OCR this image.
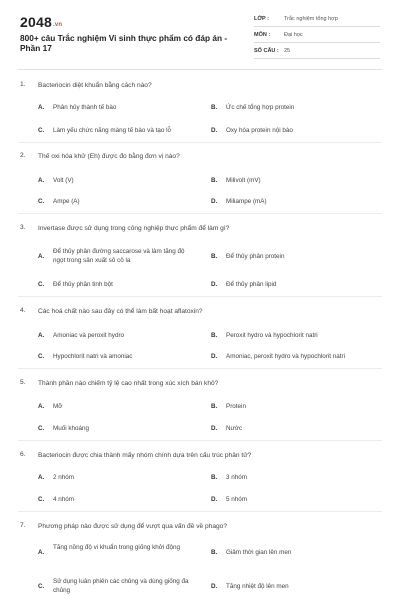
2048.vn
800+ câu Trắc nghiệm Vi sinh thực phẩm có đáp án - Phần 17
LỚP :	Trắc nghiệm tổng hợp
MÔN :	Đại học
SỐ CÂU : 25
1. Bacteriocin diệt khuẩn bằng cách nào?
A. Phân hủy thành tế bào	B. Ức chế tổng hợp protein
C. Làm yếu chức năng màng tế bào và tạo lỗ	D. Oxy hóa protein nội bào
2. Thế oxi hóa khử (Eh) được đo bằng đơn vị nào?
A. Volt (V)	B. Milivolt (mV)
C. Ampe (A)	D. Miliampe (mA)
3. Invertase được sử dụng trong công nghiệp thực phẩm để làm gì?
A.
Để thủy phân đường saccarose và làm tăng độ ngọt trong sản xuất sô cô la
B. Để thủy phân protein
C. Để thủy phân tinh bột	D. Để thủy phân lipid
4. Các hoá chất nào sau đây có thể làm bất hoạt aflatoxin?
A. Amoniac và peroxit hydro	B. Peroxit hydro và hypochlorit natri
C. Hypochlorit natri và amoniac	D. Amoniac, peroxit hydro và hypochlorit natri
5. Thành phần nào chiếm tỷ lệ cao nhất trong xúc xích bán khô?
A. Mỡ	B. Protein
C. Muối khoáng	D. Nước
6. Bacteriocin được chia thành mấy nhóm chính dựa trên cấu trúc phân tử?
A. 2 nhóm	B. 3 nhóm
C. 4 nhóm	D. 5 nhóm
7. Phương pháp nào được sử dụng để vượt qua vấn đề về phago?
A.
Tăng nồng độ vi khuẩn trong giống khởi động
B. Giảm thời gian lên men
C.
Sử dụng luân phiên các chủng và dùng giống đa chủng
D. Tăng nhiệt độ lên men
